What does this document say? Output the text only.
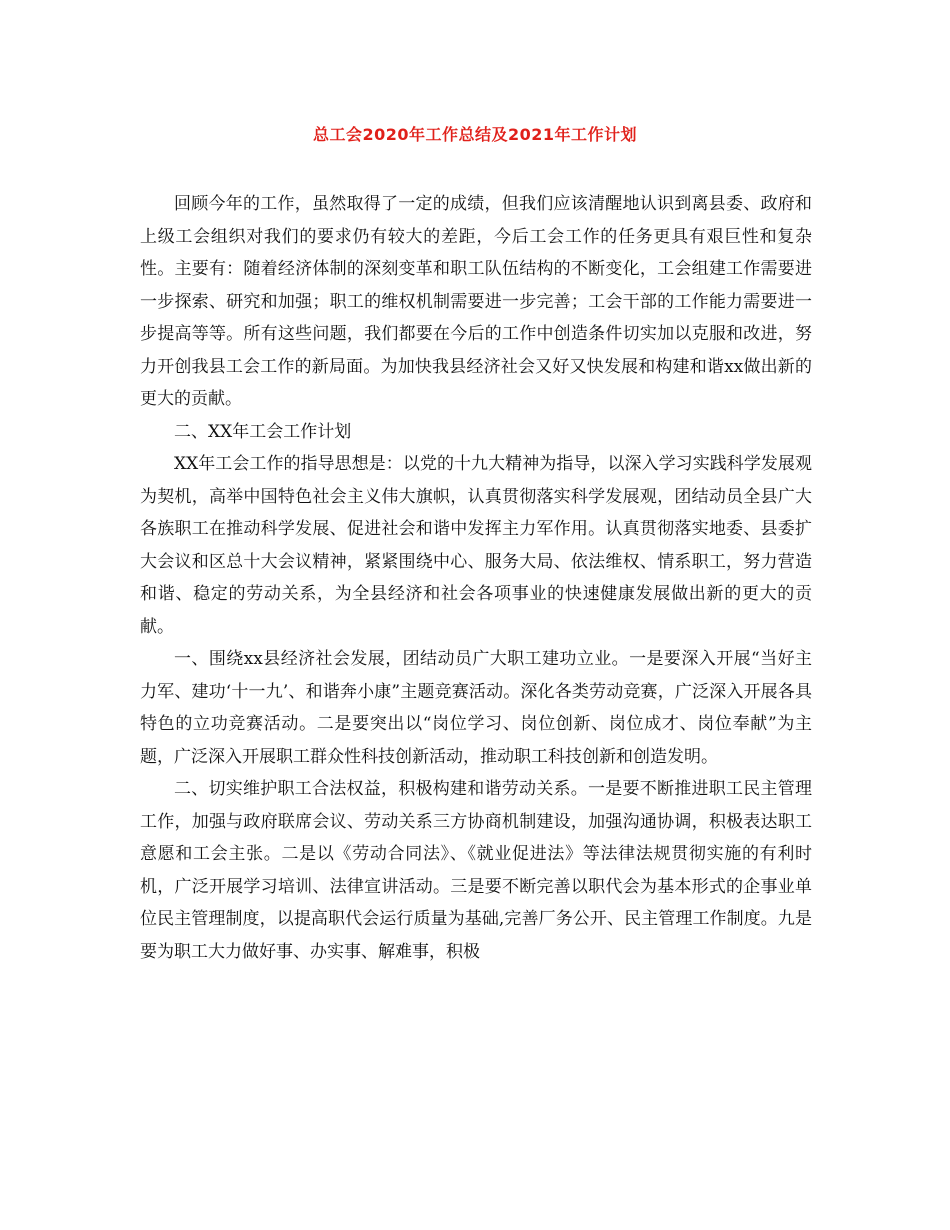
总工会2020年工作总结及2021年工作计划

回顾今年的工作，虽然取得了一定的成绩，但我们应该清醒地认识到离县委、政府和上级工会组织对我们的要求仍有较大的差距，今后工会工作的任务更具有艰巨性和复杂性。主要有：随着经济体制的深刻变革和职工队伍结构的不断变化，工会组建工作需要进一步探索、研究和加强；职工的维权机制需要进一步完善；工会干部的工作能力需要进一步提高等等。所有这些问题，我们都要在今后的工作中创造条件切实加以克服和改进，努力开创我县工会工作的新局面。为加快我县经济社会又好又快发展和构建和谐xx做出新的更大的贡献。

二、XX年工会工作计划

XX年工会工作的指导思想是：以党的十九大精神为指导，以深入学习实践科学发展观为契机，高举中国特色社会主义伟大旗帜，认真贯彻落实科学发展观，团结动员全县广大各族职工在推动科学发展、促进社会和谐中发挥主力军作用。认真贯彻落实地委、县委扩大会议和区总十大会议精神，紧紧围绕中心、服务大局、依法维权、情系职工，努力营造和谐、稳定的劳动关系，为全县经济和社会各项事业的快速健康发展做出新的更大的贡献。

一、围绕xx县经济社会发展，团结动员广大职工建功立业。一是要深入开展“当好主力军、建功‘十一九’、和谐奔小康”主题竞赛活动。深化各类劳动竞赛，广泛深入开展各具特色的立功竞赛活动。二是要突出以“岗位学习、岗位创新、岗位成才、岗位奉献”为主题，广泛深入开展职工群众性科技创新活动，推动职工科技创新和创造发明。

二、切实维护职工合法权益，积极构建和谐劳动关系。一是要不断推进职工民主管理工作，加强与政府联席会议、劳动关系三方协商机制建设，加强沟通协调，积极表达职工意愿和工会主张。二是以《劳动合同法》、《就业促进法》等法律法规贯彻实施的有利时机，广泛开展学习培训、法律宣讲活动。三是要不断完善以职代会为基本形式的企事业单位民主管理制度，以提高职代会运行质量为基础,完善厂务公开、民主管理工作制度。九是要为职工大力做好事、办实事、解难事，积极
